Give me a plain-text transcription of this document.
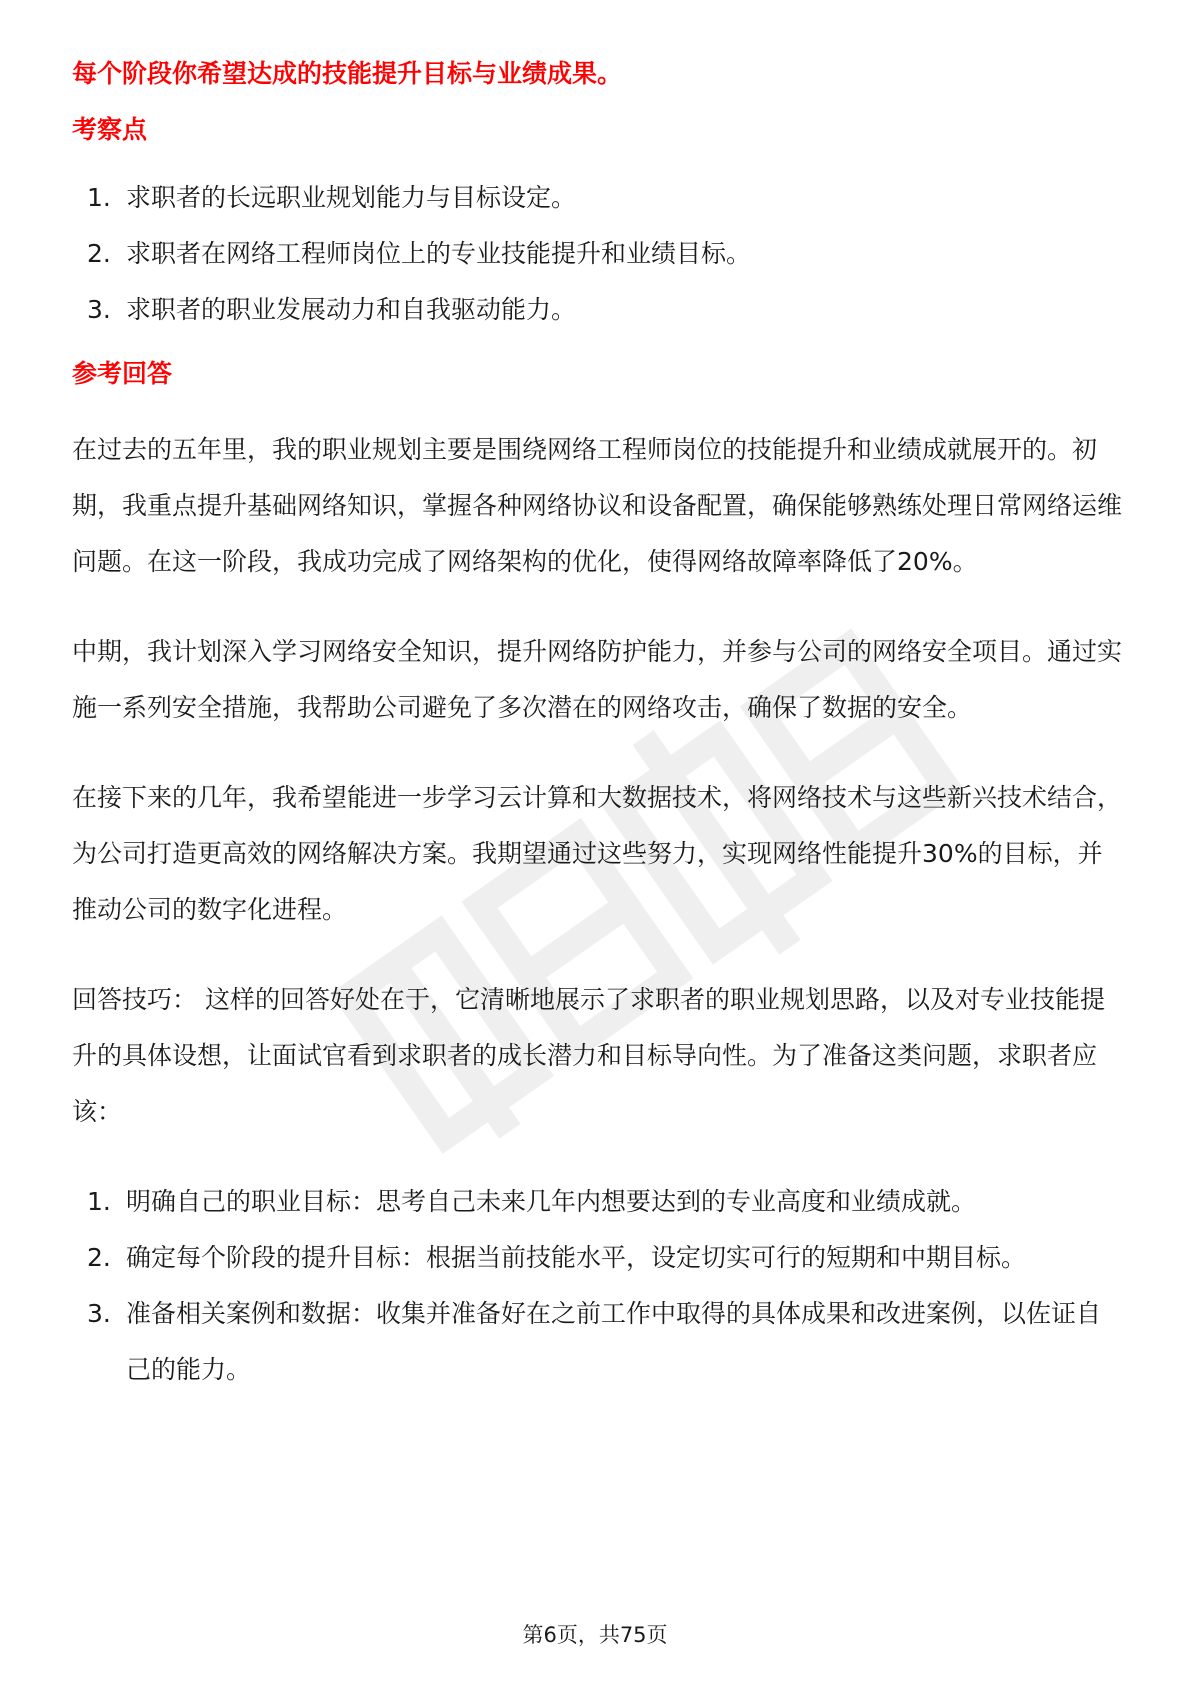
每个阶段你希望达成的技能提升目标与业绩成果。
考察点
1. 求职者的长远职业规划能力与目标设定。
2. 求职者在网络工程师岗位上的专业技能提升和业绩目标。
3. 求职者的职业发展动力和自我驱动能力。
参考回答

在过去的五年里，我的职业规划主要是围绕网络工程师岗位的技能提升和业绩成就展开的。初期，我重点提升基础网络知识，掌握各种网络协议和设备配置，确保能够熟练处理日常网络运维问题。在这一阶段，我成功完成了网络架构的优化，使得网络故障率降低了20%。

中期，我计划深入学习网络安全知识，提升网络防护能力，并参与公司的网络安全项目。通过实施一系列安全措施，我帮助公司避免了多次潜在的网络攻击，确保了数据的安全。

在接下来的几年，我希望能进一步学习云计算和大数据技术，将网络技术与这些新兴技术结合，为公司打造更高效的网络解决方案。我期望通过这些努力，实现网络性能提升30%的目标，并推动公司的数字化进程。

回答技巧： 这样的回答好处在于，它清晰地展示了求职者的职业规划思路，以及对专业技能提升的具体设想，让面试官看到求职者的成长潜力和目标导向性。为了准备这类问题，求职者应该：

1. 明确自己的职业目标：思考自己未来几年内想要达到的专业高度和业绩成就。
2. 确定每个阶段的提升目标：根据当前技能水平，设定切实可行的短期和中期目标。
3. 准备相关案例和数据：收集并准备好在之前工作中取得的具体成果和改进案例，以佐证自己的能力。
第6页，共75页
